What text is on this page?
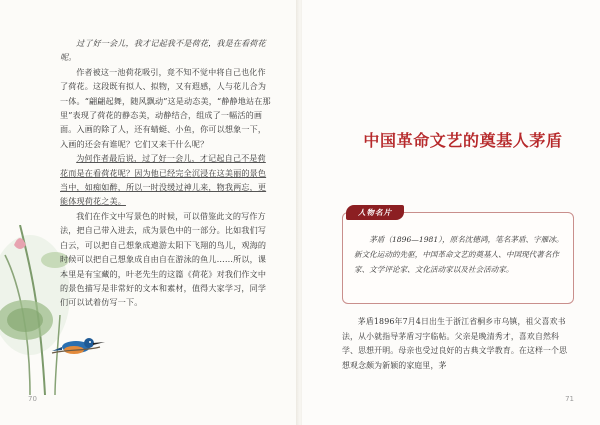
过了好一会儿，我才记起我不是荷花，我是在看荷花呢。

作者被这一池荷花吸引，竟不知不觉中将自己也化作了荷花。这段既有拟人、拟物，又有遐感，人与花儿合为一体。“翩翩起舞，随风飘动”这是动态美，“静静地站在那里”表现了荷花的静态美，动静结合，组成了一幅活的画面。入画的除了人，还有蜻蜓、小鱼，你可以想象一下，入画的还会有谁呢？它们又来干什么呢？

为何作者最后说，过了好一会儿，才记起自己不是荷花而是在看荷花呢？因为他已经完全沉浸在这美丽的景色当中，如痴如醉，所以一时没缓过神儿来，物我两忘，更能体现荷花之美。

我们在作文中写景色的时候，可以借鉴此文的写作方法，把自己带入进去，成为景色中的一部分。比如我们写白云，可以把自己想象成遨游太阳下飞翔的鸟儿，观海的时候可以把自己想象成自由自在游泳的鱼儿……所以，课本里是有宝藏的，叶老先生的这篇《荷花》对我们作文中的景色描写是非常好的文本和素材，值得大家学习，同学们可以试着仿写一下。

70
中国革命文艺的奠基人茅盾
人物名片

茅盾（1896—1981），原名沈德鸿，笔名茅盾、字雁冰。新文化运动的先驱，中国革命文艺的奠基人、中国现代著名作家、文学评论家、文化活动家以及社会活动家。

茅盾1896年7月4日出生于浙江省桐乡市乌镇，祖父喜欢书法，从小就指导茅盾习字临帖。父亲是晚清秀才，喜欢自然科学、思想开明。母亲也受过良好的古典文学教育。在这样一个思想观念颇为新颖的家庭里，茅

71
